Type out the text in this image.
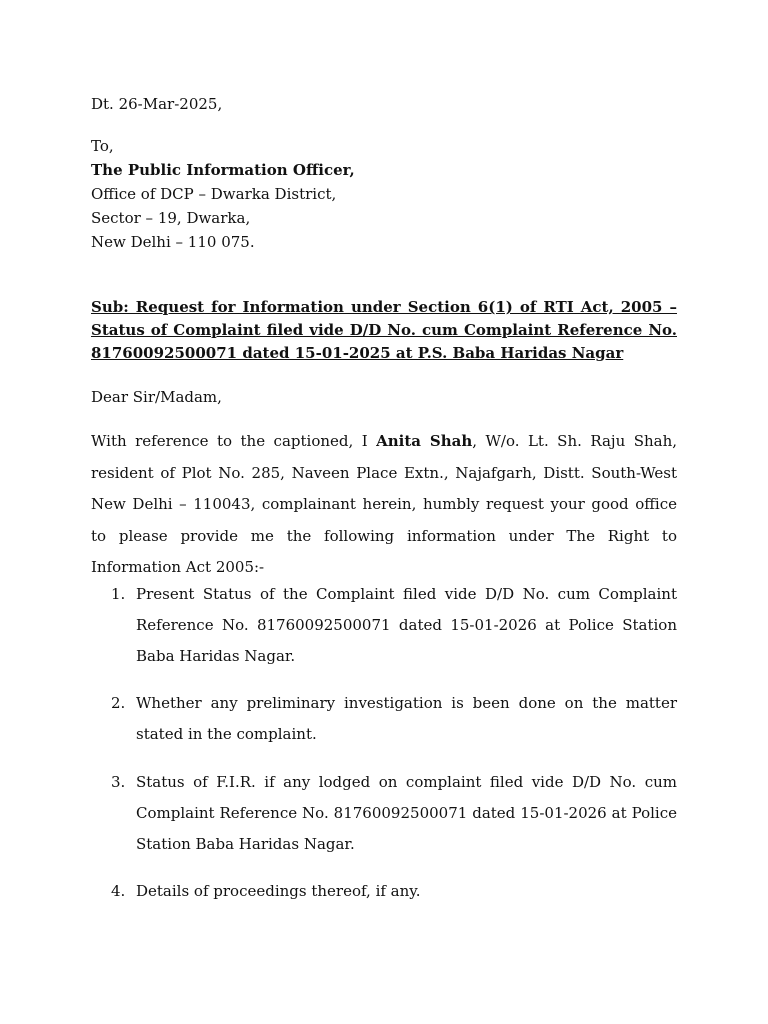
Dt. 26-Mar-2025,
To,
The Public Information Officer,
Office of DCP – Dwarka District,
Sector – 19, Dwarka,
New Delhi – 110 075.
Sub: Request for Information under Section 6(1) of RTI Act, 2005 – Status of Complaint filed vide D/D No. cum Complaint Reference No. 81760092500071 dated 15-01-2025 at P.S. Baba Haridas Nagar
Dear Sir/Madam,
With reference to the captioned, I Anita Shah, W/o. Lt. Sh. Raju Shah, resident of Plot No. 285, Naveen Place Extn., Najafgarh, Distt. South-West New Delhi – 110043, complainant herein, humbly request your good office to please provide me the following information under The Right to Information Act 2005:-
1. Present Status of the Complaint filed vide D/D No. cum Complaint Reference No. 81760092500071 dated 15-01-2026 at Police Station Baba Haridas Nagar.
2. Whether any preliminary investigation is been done on the matter stated in the complaint.
3. Status of F.I.R. if any lodged on complaint filed vide D/D No. cum Complaint Reference No. 81760092500071 dated 15-01-2026 at Police Station Baba Haridas Nagar.
4. Details of proceedings thereof, if any.
